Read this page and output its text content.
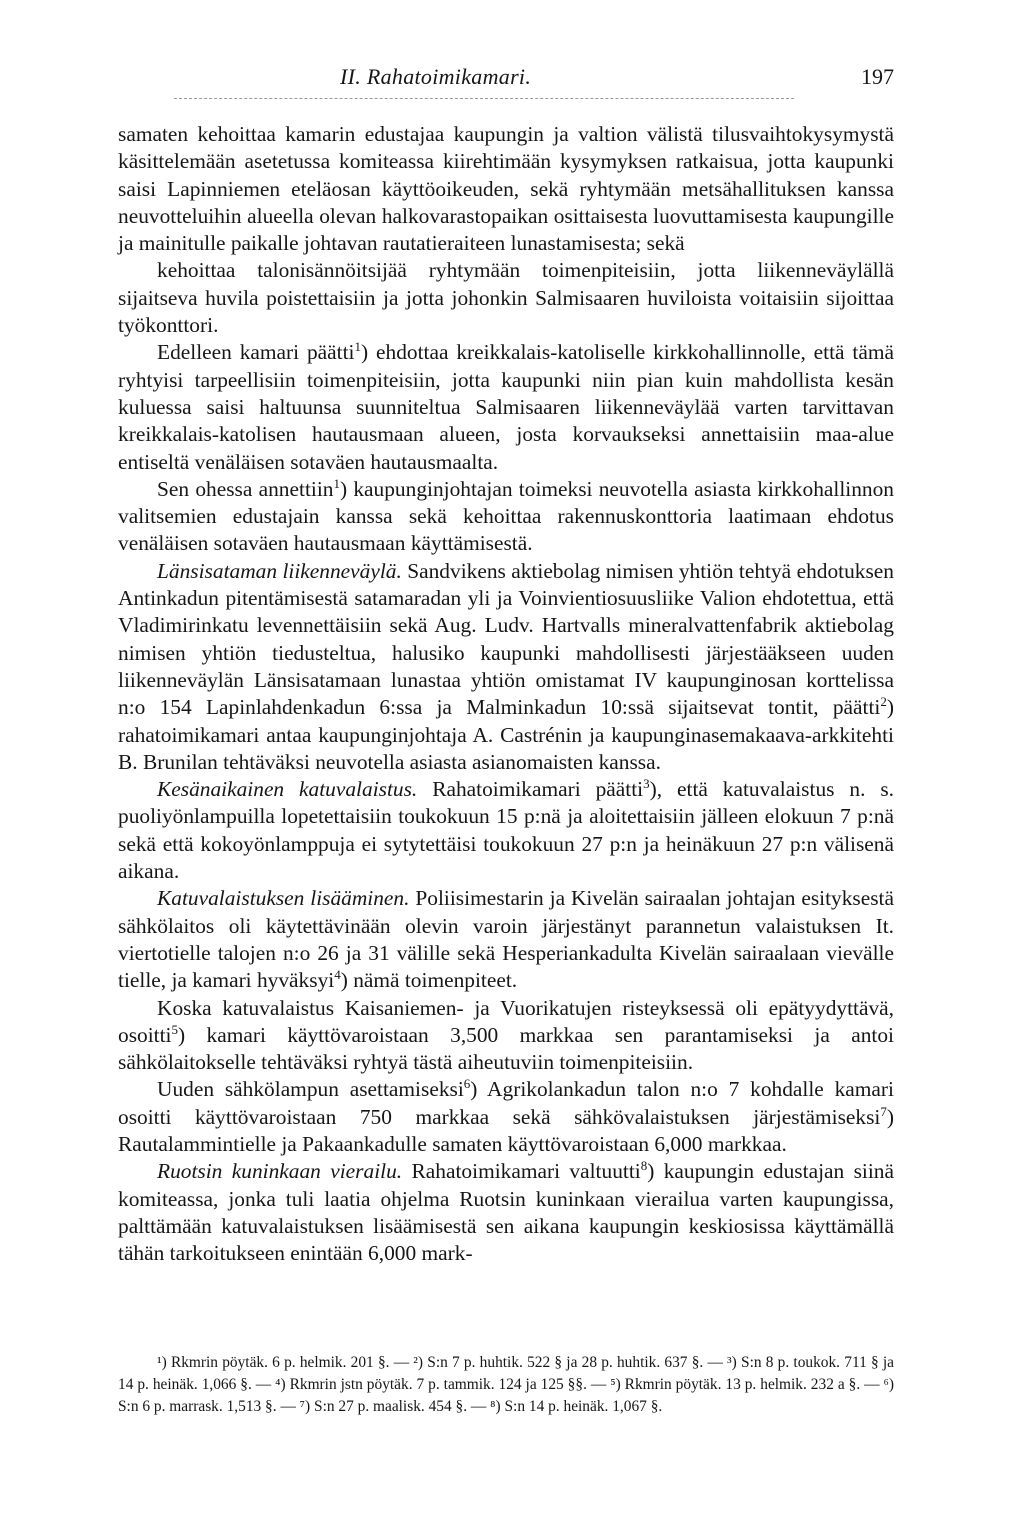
II. Rahatoimikamari.	197

samaten kehoittaa kamarin edustajaa kaupungin ja valtion välistä tilusvaihtokysymystä käsittelemään asetetussa komiteassa kiirehtimään kysymyksen ratkaisua, jotta kaupunki saisi Lapinniemen eteläosan käyttöoikeuden, sekä ryhtymään metsähallituksen kanssa neuvotteluihin alueella olevan halkovarastopaikan osittaisesta luovuttamisesta kaupungille ja mainitulle paikalle johtavan rautatieraiteen lunastamisesta; sekä

kehoittaa talonisännöitsijää ryhtymään toimenpiteisiin, jotta liikenneväylällä sijaitseva huvila poistettaisiin ja jotta johonkin Salmisaaren huviloista voitaisiin sijoittaa työkonttori.

Edelleen kamari päätti$^1$) ehdottaa kreikkalais-katoliselle kirkkohallinnolle, että tämä ryhtyisi tarpeellisiin toimenpiteisiin, jotta kaupunki niin pian kuin mahdollista kesän kuluessa saisi haltuunsa suunniteltua Salmisaaren liikenneväylää varten tarvittavan kreikkalais-katolisen hautausmaan alueen, josta korvaukseksi annettaisiin maa-alue entiseltä venäläisen sotaväen hautausmaalta.

Sen ohessa annettiin$^1$) kaupunginjohtajan toimeksi neuvotella asiasta kirkkohallinnon valitsemien edustajain kanssa sekä kehoittaa rakennuskonttoria laatimaan ehdotus venäläisen sotaväen hautausmaan käyttämisestä.

Länsisataman liikenneväylä. Sandvikens aktiebolag nimisen yhtiön tehtyä ehdotuksen Antinkadun pitentämisestä satamaradan yli ja Voinvientiosuusliike Valion ehdotettua, että Vladimirinkatu levennettäisiin sekä Aug. Ludv. Hartvalls mineralvattenfabrik aktiebolag nimisen yhtiön tiedusteltua, halusiko kaupunki mahdollisesti järjestääkseen uuden liikenneväylän Länsisatamaan lunastaa yhtiön omistamat IV kaupunginosan korttelissa n:o 154 Lapinlahdenkadun 6:ssa ja Malminkadun 10:ssä sijaitsevat tontit, päätti$^2$) rahatoimikamari antaa kaupunginjohtaja A. Castrénin ja kaupunginasemakaava-arkkitehti B. Brunilan tehtäväksi neuvotella asiasta asianomaisten kanssa.

Kesänaikainen katuvalaistus. Rahatoimikamari päätti$^3$), että katuvalaistus n. s. puoliyönlampuilla lopetettaisiin toukokuun 15 p:nä ja aloitettaisiin jälleen elokuun 7 p:nä sekä että kokoyönlamppuja ei sytytettäisi toukokuun 27 p:n ja heinäkuun 27 p:n välisenä aikana.

Katuvalaistuksen lisääminen. Poliisimestarin ja Kivelän sairaalan johtajan esityksestä sähkölaitos oli käytettävinään olevin varoin järjestänyt parannetun valaistuksen It. viertotielle talojen n:o 26 ja 31 välille sekä Hesperiankadulta Kivelän sairaalaan vievälle tielle, ja kamari hyväksyi$^4$) nämä toimenpiteet.

Koska katuvalaistus Kaisaniemen- ja Vuorikatujen risteyksessä oli epätyydyttävä, osoitti$^5$) kamari käyttövaroistaan 3,500 markkaa sen parantamiseksi ja antoi sähkölaitokselle tehtäväksi ryhtyä tästä aiheutuviin toimenpiteisiin.

Uuden sähkölampun asettamiseksi$^6$) Agrikolankadun talon n:o 7 kohdalle kamari osoitti käyttövaroistaan 750 markkaa sekä sähkövalaistuksen järjestämiseksi$^7$) Rautalammintielle ja Pakaankadulle samaten käyttövaroistaan 6,000 markkaa.

Ruotsin kuninkaan vierailu. Rahatoimikamari valtuutti$^8$) kaupungin edustajan siinä komiteassa, jonka tuli laatia ohjelma Ruotsin kuninkaan vierailua varten kaupungissa, palttämään katuvalaistuksen lisäämisestä sen aikana kaupungin keskiosissa käyttämällä tähän tarkoitukseen enintään 6,000 mark-

¹) Rkmrin pöytäk. 6 p. helmik. 201 §. — ²) S:n 7 p. huhtik. 522 § ja 28 p. huhtik. 637 §. — ³) S:n 8 p. toukok. 711 § ja 14 p. heinäk. 1,066 §. — ⁴) Rkmrin jstn pöytäk. 7 p. tammik. 124 ja 125 §§. — ⁵) Rkmrin pöytäk. 13 p. helmik. 232 a §. — ⁶) S:n 6 p. marrask. 1,513 §. — ⁷) S:n 27 p. maalisk. 454 §. — ⁸) S:n 14 p. heinäk. 1,067 §.
